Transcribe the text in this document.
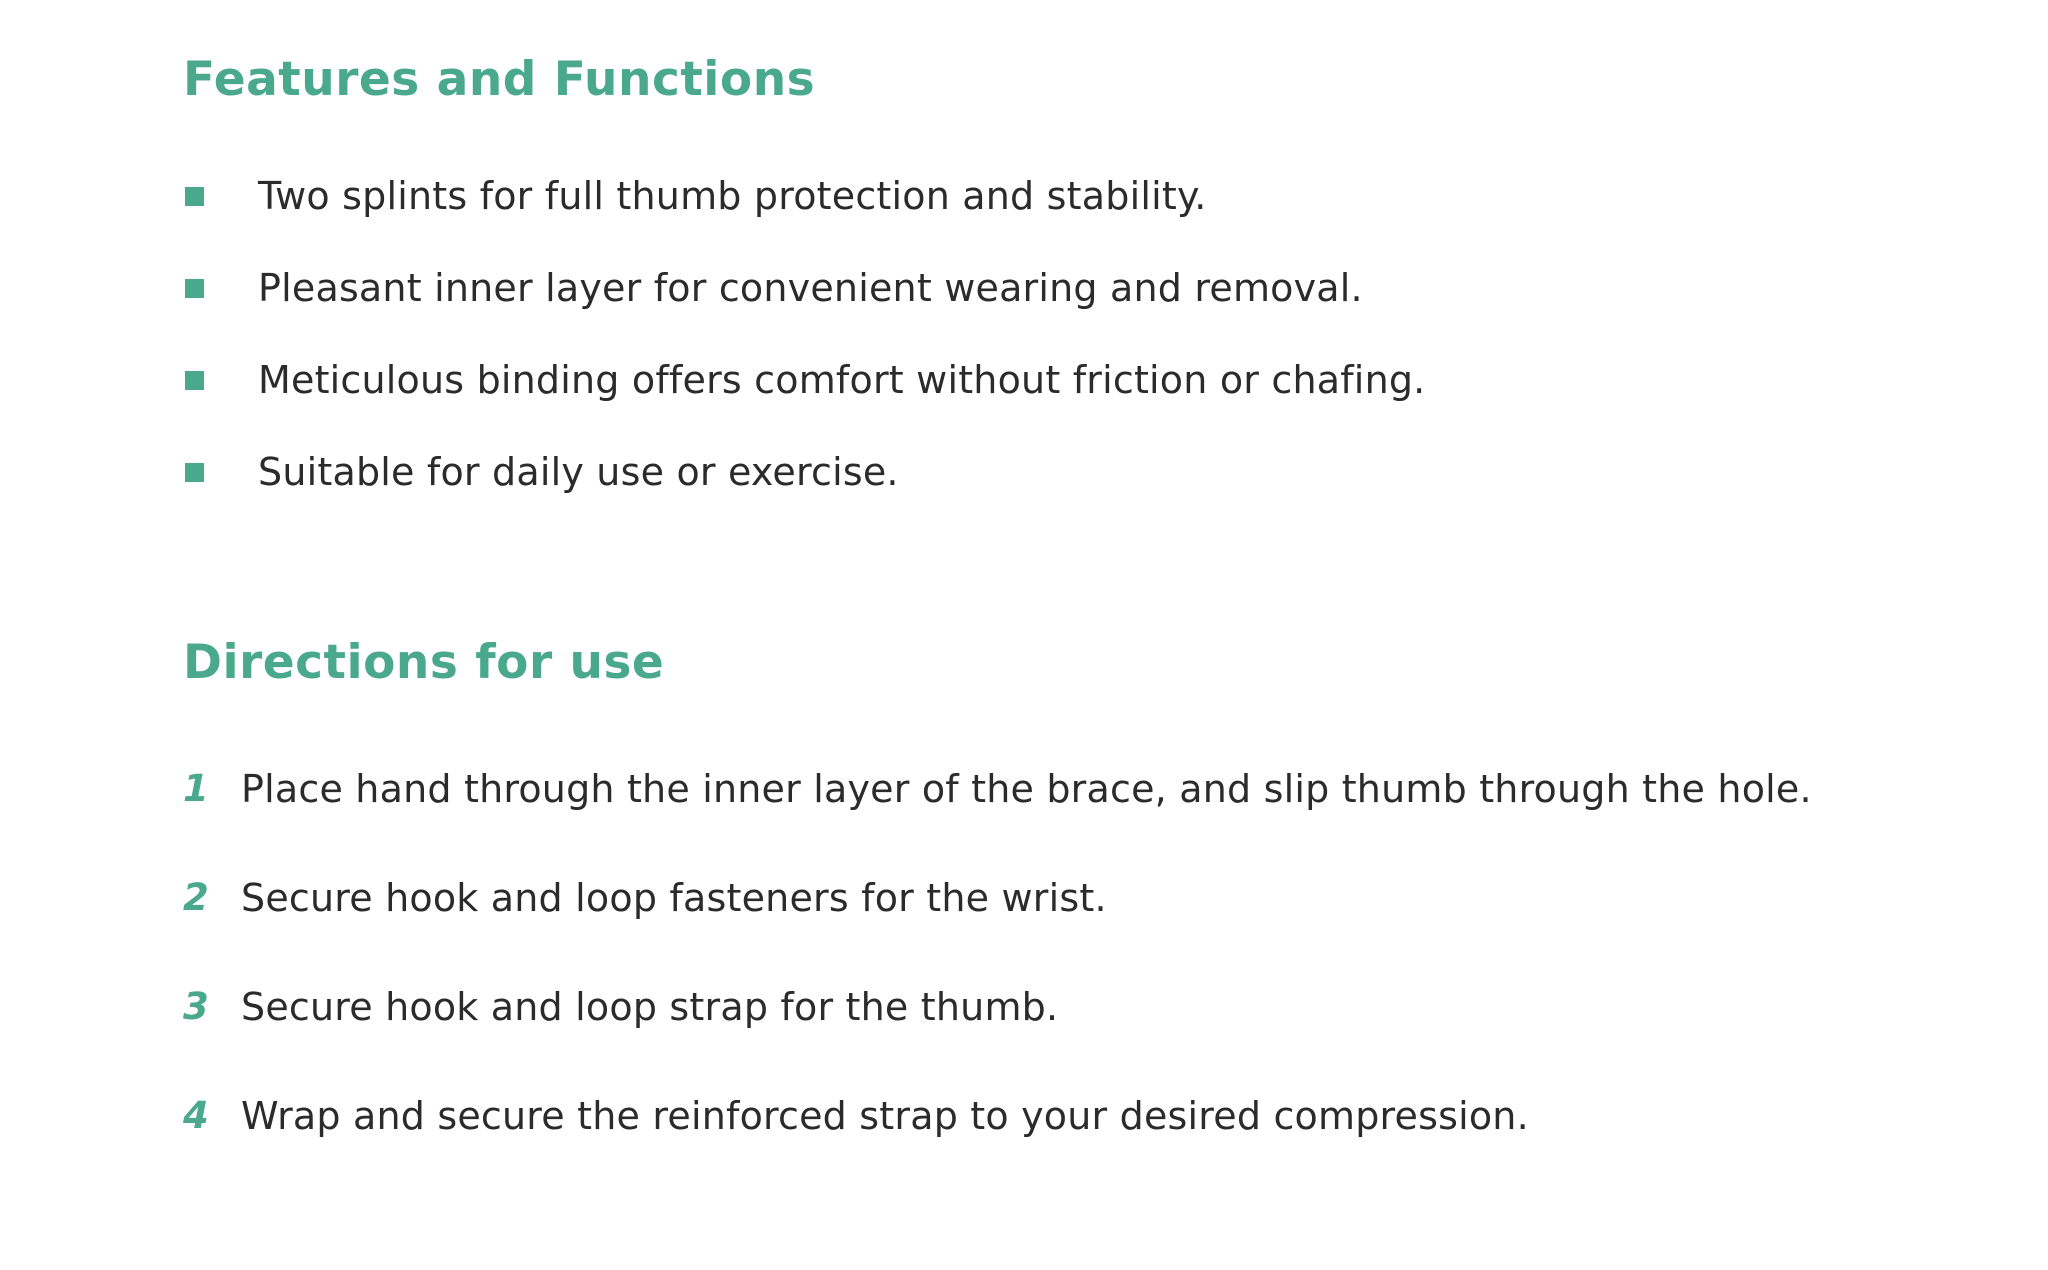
Features and Functions
Two splints for full thumb protection and stability.
Pleasant inner layer for convenient wearing and removal.
Meticulous binding offers comfort without friction or chafing.
Suitable for daily use or exercise.
Directions for use
1 Place hand through the inner layer of the brace, and slip thumb through the hole.
2 Secure hook and loop fasteners for the wrist.
3 Secure hook and loop strap for the thumb.
4 Wrap and secure the reinforced strap to your desired compression.
